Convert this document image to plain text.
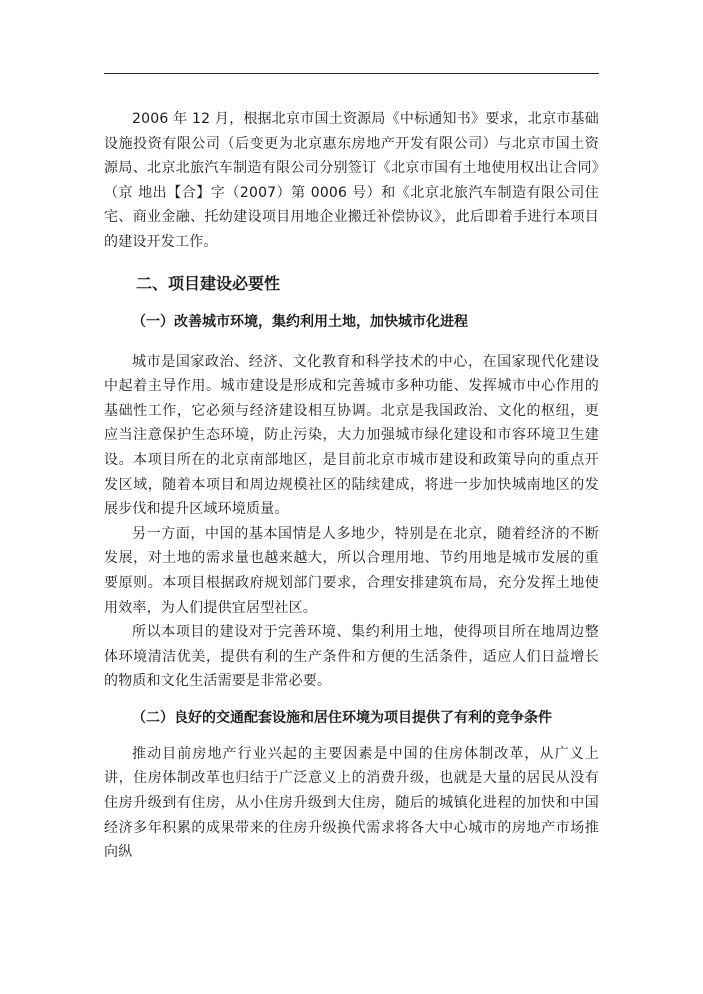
2006 年 12 月，根据北京市国土资源局《中标通知书》要求，北京市基础设施投资有限公司（后变更为北京惠东房地产开发有限公司）与北京市国土资源局、北京北旅汽车制造有限公司分别签订《北京市国有土地使用权出让合同》（京 地出【合】字（2007）第 0006 号）和《北京北旅汽车制造有限公司住宅、商业金融、托幼建设项目用地企业搬迁补偿协议》，此后即着手进行本项目的建设开发工作。

二、项目建设必要性
（一）改善城市环境，集约利用土地，加快城市化进程

城市是国家政治、经济、文化教育和科学技术的中心，在国家现代化建设中起着主导作用。城市建设是形成和完善城市多种功能、发挥城市中心作用的基础性工作，它必须与经济建设相互协调。北京是我国政治、文化的枢纽，更应当注意保护生态环境，防止污染，大力加强城市绿化建设和市容环境卫生建设。本项目所在的北京南部地区，是目前北京市城市建设和政策导向的重点开发区域，随着本项目和周边规模社区的陆续建成，将进一步加快城南地区的发展步伐和提升区域环境质量。

另一方面，中国的基本国情是人多地少，特别是在北京，随着经济的不断发展，对土地的需求量也越来越大，所以合理用地、节约用地是城市发展的重要原则。本项目根据政府规划部门要求，合理安排建筑布局，充分发挥土地使用效率，为人们提供宜居型社区。

所以本项目的建设对于完善环境、集约利用土地，使得项目所在地周边整体环境清洁优美，提供有利的生产条件和方便的生活条件，适应人们日益增长的物质和文化生活需要是非常必要。

（二）良好的交通配套设施和居住环境为项目提供了有利的竞争条件

推动目前房地产行业兴起的主要因素是中国的住房体制改革，从广义上讲，住房体制改革也归结于广泛意义上的消费升级，也就是大量的居民从没有住房升级到有住房，从小住房升级到大住房，随后的城镇化进程的加快和中国经济多年积累的成果带来的住房升级换代需求将各大中心城市的房地产市场推向纵
